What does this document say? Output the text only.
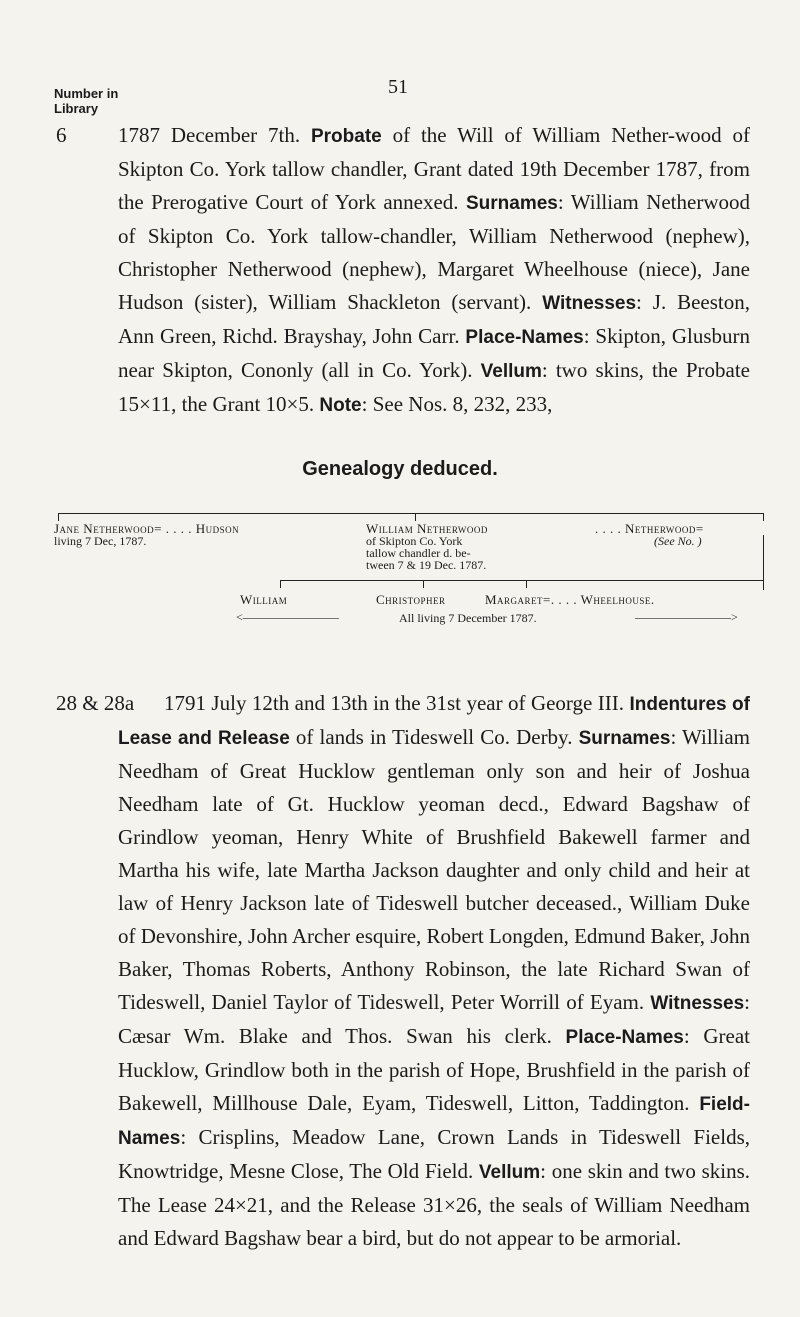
51
Number in
Library
6 1787 December 7th. Probate of the Will of William Nether-wood of Skipton Co. York tallow chandler, Grant dated 19th December 1787, from the Prerogative Court of York annexed. Surnames: William Netherwood of Skipton Co. York tallow-chandler, William Netherwood (nephew), Christopher Netherwood (nephew), Margaret Wheelhouse (niece), Jane Hudson (sister), William Shackleton (servant). Witnesses: J. Beeston, Ann Green, Richd. Brayshay, John Carr. Place-Names: Skipton, Glusburn near Skipton, Cononly (all in Co. York). Vellum: two skins, the Probate 15×11, the Grant 10×5. Note: See Nos. 8, 232, 233,
Genealogy deduced.
Jane Netherwood= . . . . Hudson
living 7 Dec, 1787.
William Netherwood
of Skipton Co. York
tallow chandler d. be-
tween 7 & 19 Dec. 1787.
. . . . Netherwood=
(See No. )
William	Christopher	Margaret=. . . . Wheelhouse.
<————————	All living 7 December 1787.	————————>
28 & 28a	1791 July 12th and 13th in the 31st year of George III. Indentures of Lease and Release of lands in Tideswell Co. Derby. Surnames: William Needham of Great Hucklow gentleman only son and heir of Joshua Needham late of Gt. Hucklow yeoman decd., Edward Bagshaw of Grindlow yeoman, Henry White of Brushfield Bakewell farmer and Martha his wife, late Martha Jackson daughter and only child and heir at law of Henry Jackson late of Tideswell butcher deceased., William Duke of Devonshire, John Archer esquire, Robert Longden, Edmund Baker, John Baker, Thomas Roberts, Anthony Robinson, the late Richard Swan of Tideswell, Daniel Taylor of Tideswell, Peter Worrill of Eyam. Witnesses: Cæsar Wm. Blake and Thos. Swan his clerk. Place-Names: Great Hucklow, Grindlow both in the parish of Hope, Brushfield in the parish of Bakewell, Millhouse Dale, Eyam, Tideswell, Litton, Taddington. Field-Names: Crisplins, Meadow Lane, Crown Lands in Tideswell Fields, Knowtridge, Mesne Close, The Old Field. Vellum: one skin and two skins. The Lease 24×21, and the Release 31×26, the seals of William Needham and Edward Bagshaw bear a bird, but do not appear to be armorial.
